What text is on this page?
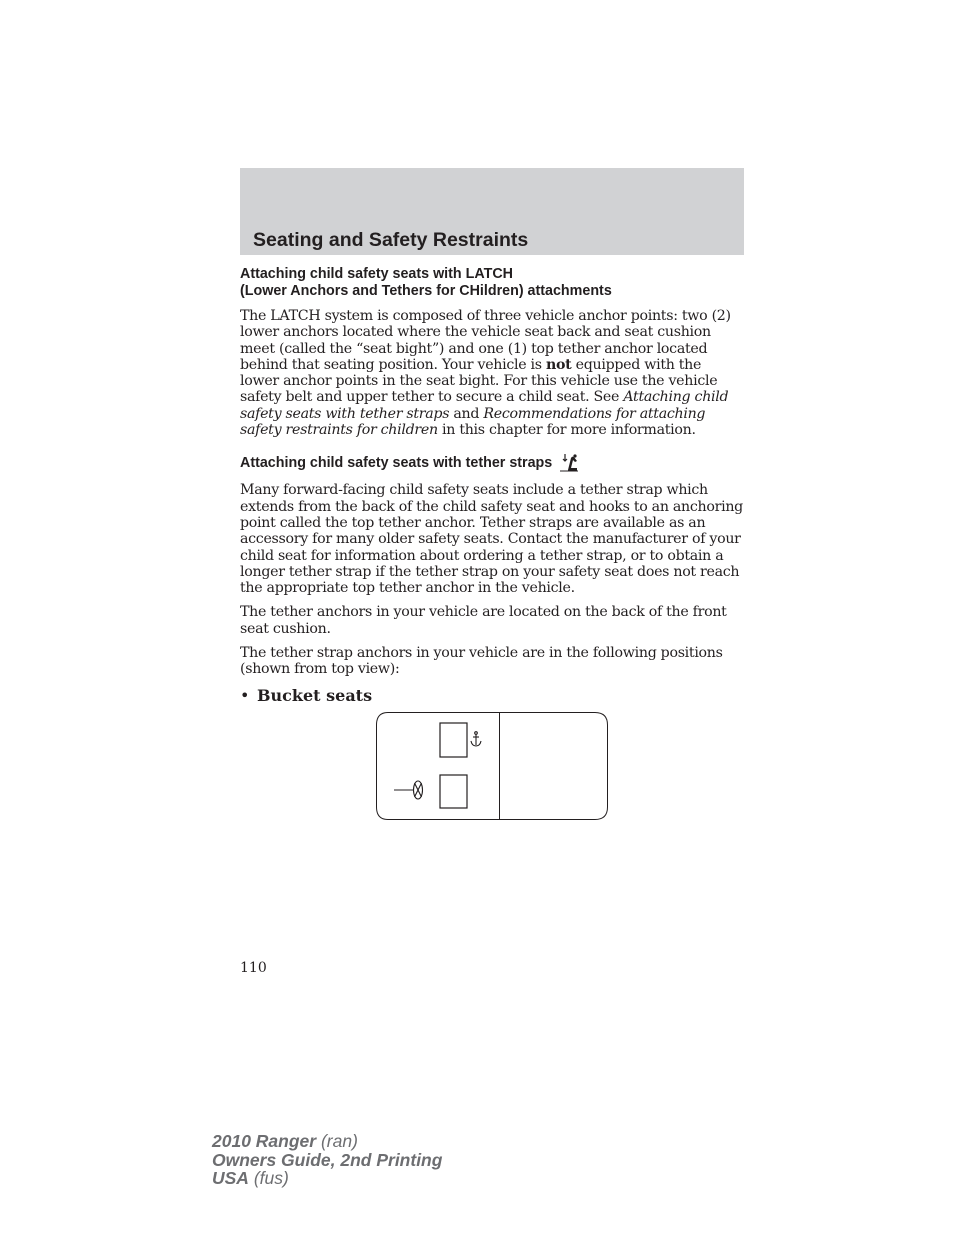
Seating and Safety Restraints
Attaching child safety seats with LATCH
(Lower Anchors and Tethers for CHildren) attachments

The LATCH system is composed of three vehicle anchor points: two (2) lower anchors located where the vehicle seat back and seat cushion meet (called the “seat bight”) and one (1) top tether anchor located behind that seating position. Your vehicle is not equipped with the lower anchor points in the seat bight. For this vehicle use the vehicle safety belt and upper tether to secure a child seat. See Attaching child safety seats with tether straps and Recommendations for attaching safety restraints for children in this chapter for more information.

Attaching child safety seats with tether straps

Many forward-facing child safety seats include a tether strap which extends from the back of the child safety seat and hooks to an anchoring point called the top tether anchor. Tether straps are available as an accessory for many older safety seats. Contact the manufacturer of your child seat for information about ordering a tether strap, or to obtain a longer tether strap if the tether strap on your safety seat does not reach the appropriate top tether anchor in the vehicle.

The tether anchors in your vehicle are located on the back of the front seat cushion.

The tether strap anchors in your vehicle are in the following positions (shown from top view):

• Bucket seats
110
2010 Ranger (ran)
Owners Guide, 2nd Printing
USA (fus)
